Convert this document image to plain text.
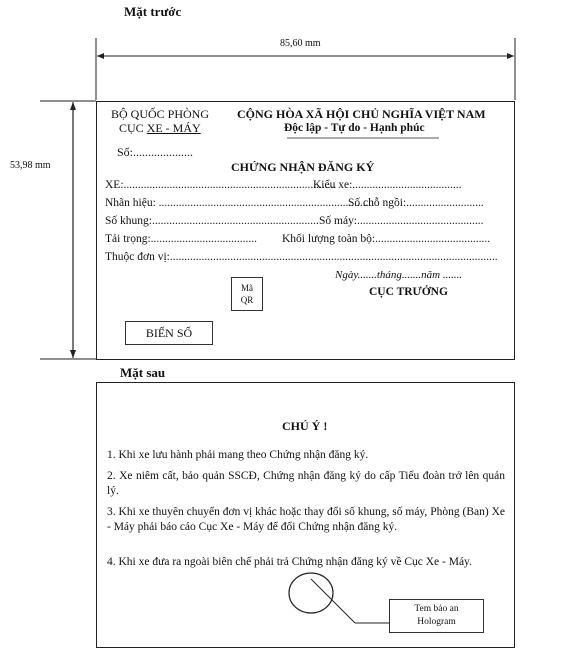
Mặt trước
85,60 mm
53,98 mm
Mặt sau
BỘ QUỐC PHÒNG
CỤC XE - MÁY
Số:....................
CỘNG HÒA XÃ HỘI CHỦ NGHĨA VIỆT NAM
Độc lập - Tự do - Hạnh phúc
CHỨNG NHẬN ĐĂNG KÝ
XE:..........................................................................
Kiểu xe:......................................
Nhãn hiệu: ...........................................................................
Số chỗ ngồi:...........................
Số khung:.......................................................... Số máy:............................................
Tải trọng:..................................... Khối lượng toàn bộ:........................................
Thuộc đơn vị:..................................................................................................................
Ngày.......tháng.......năm .......
Mã
QR
CỤC TRƯỞNG
BIỂN SỐ
CHÚ Ý !
1. Khi xe lưu hành phải mang theo Chứng nhận đăng ký.
2. Xe niêm cất, bảo quản SSCĐ, Chứng nhận đăng ký do cấp Tiểu đoàn trở lên quản lý.
3. Khi xe thuyên chuyển đơn vị khác hoặc thay đổi số khung, số máy, Phòng (Ban) Xe - Máy phải báo cáo Cục Xe - Máy để đổi Chứng nhận đăng ký.
4. Khi xe đưa ra ngoài biên chế phải trả Chứng nhận đăng ký về Cục Xe - Máy.
Tem bảo an
Hologram
